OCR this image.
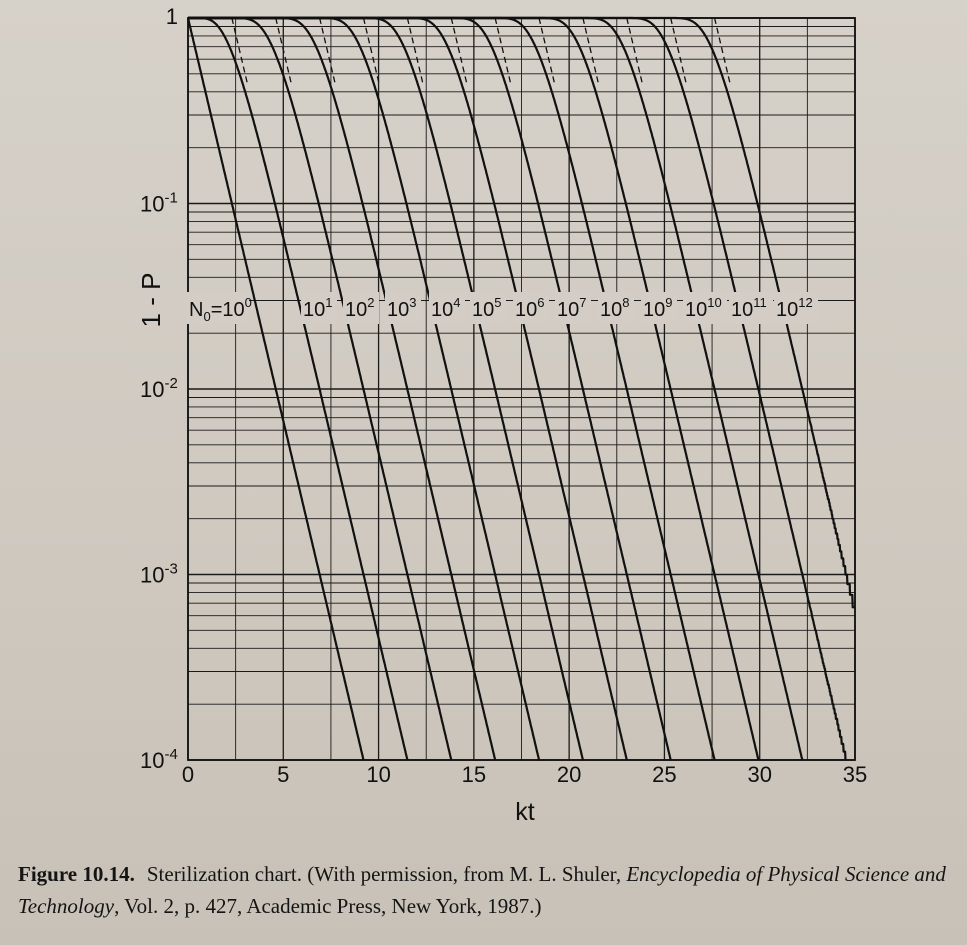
0	5	10	15	20	25	30	35
1
$10^{-1}$
$10^{-2}$
$10^{-3}$
$10^{-4}$
$N_0=10^0$	$10^1$ $10^2$ $10^3$ $10^4$ $10^5$ $10^6$ $10^7$ $10^8$ $10^9$ $10^{10}$ $10^{11}$ $10^{12}$
1 - P
kt
Figure 10.14. Sterilization chart. (With permission, from M. L. Shuler, Encyclopedia of Physical Science and Technology, Vol. 2, p. 427, Academic Press, New York, 1987.)
